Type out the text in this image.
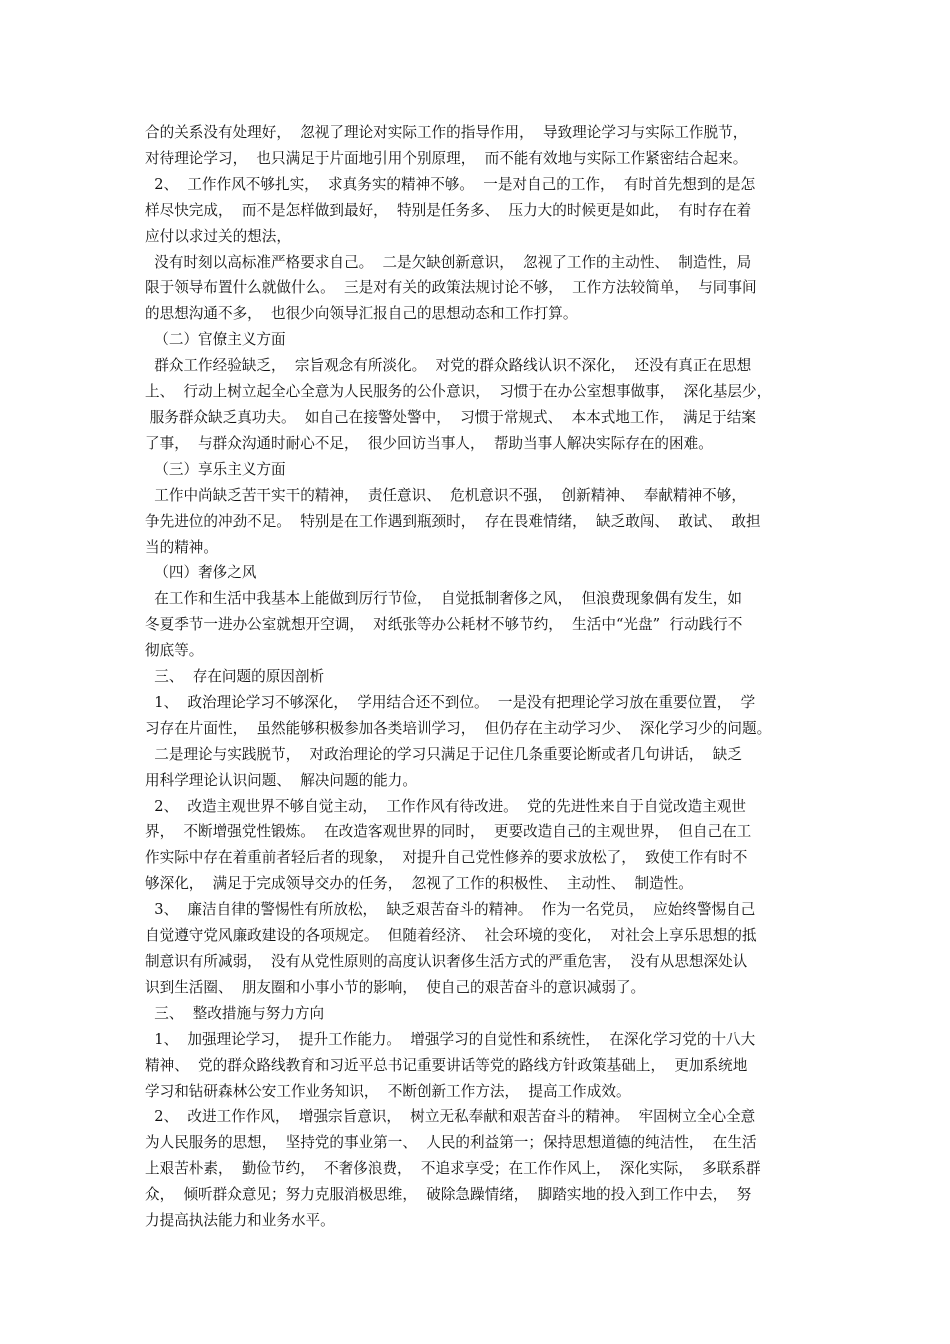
合的关系没有处理好，  忽视了理论对实际工作的指导作用，  导致理论学习与实际工作脱节，

对待理论学习，  也只满足于片面地引用个别原理，  而不能有效地与实际工作紧密结合起来。

2、  工作作风不够扎实，  求真务实的精神不够。  一是对自己的工作，  有时首先想到的是怎

样尽快完成，  而不是怎样做到最好，  特别是任务多、  压力大的时候更是如此，  有时存在着

应付以求过关的想法，

没有时刻以高标准严格要求自己。  二是欠缺创新意识，  忽视了工作的主动性、  制造性，局

限于领导布置什么就做什么。  三是对有关的政策法规讨论不够，  工作方法较简单，  与同事间

的思想沟通不多，  也很少向领导汇报自己的思想动态和工作打算。

（二）官僚主义方面

群众工作经验缺乏，  宗旨观念有所淡化。  对党的群众路线认识不深化，  还没有真正在思想

上、  行动上树立起全心全意为人民服务的公仆意识，  习惯于在办公室想事做事，  深化基层少，

服务群众缺乏真功夫。  如自己在接警处警中，  习惯于常规式、  本本式地工作，  满足于结案

了事，  与群众沟通时耐心不足，  很少回访当事人，  帮助当事人解决实际存在的困难。

（三）享乐主义方面

工作中尚缺乏苦干实干的精神，  责任意识、  危机意识不强，  创新精神、  奉献精神不够，

争先进位的冲劲不足。  特别是在工作遇到瓶颈时，  存在畏难情绪，  缺乏敢闯、  敢试、  敢担

当的精神。

（四）奢侈之风

在工作和生活中我基本上能做到厉行节俭，  自觉抵制奢侈之风，  但浪费现象偶有发生，如

冬夏季节一进办公室就想开空调，  对纸张等办公耗材不够节约，  生活中“光盘”  行动践行不

彻底等。

三、  存在问题的原因剖析

1、  政治理论学习不够深化，  学用结合还不到位。  一是没有把理论学习放在重要位置，  学

习存在片面性，  虽然能够积极参加各类培训学习，  但仍存在主动学习少、  深化学习少的问题。

二是理论与实践脱节，  对政治理论的学习只满足于记住几条重要论断或者几句讲话，  缺乏

用科学理论认识问题、  解决问题的能力。

2、  改造主观世界不够自觉主动，  工作作风有待改进。  党的先进性来自于自觉改造主观世

界，  不断增强党性锻炼。  在改造客观世界的同时，  更要改造自己的主观世界，  但自己在工

作实际中存在着重前者轻后者的现象，  对提升自己党性修养的要求放松了，  致使工作有时不

够深化，  满足于完成领导交办的任务，  忽视了工作的积极性、  主动性、  制造性。

3、  廉洁自律的警惕性有所放松，  缺乏艰苦奋斗的精神。  作为一名党员，  应始终警惕自己

自觉遵守党风廉政建设的各项规定。  但随着经济、  社会环境的变化，  对社会上享乐思想的抵

制意识有所减弱，  没有从党性原则的高度认识奢侈生活方式的严重危害，  没有从思想深处认

识到生活圈、  朋友圈和小事小节的影响，  使自己的艰苦奋斗的意识减弱了。

三、  整改措施与努力方向

1、  加强理论学习，  提升工作能力。  增强学习的自觉性和系统性，  在深化学习党的十八大

精神、  党的群众路线教育和习近平总书记重要讲话等党的路线方针政策基础上，  更加系统地

学习和钻研森林公安工作业务知识，  不断创新工作方法，  提高工作成效。

2、  改进工作作风，  增强宗旨意识，  树立无私奉献和艰苦奋斗的精神。  牢固树立全心全意

为人民服务的思想，  坚持党的事业第一、  人民的利益第一；保持思想道德的纯洁性，  在生活

上艰苦朴素，  勤俭节约，  不奢侈浪费，  不追求享受；在工作作风上，  深化实际，  多联系群

众，  倾听群众意见；努力克服消极思维，  破除急躁情绪，  脚踏实地的投入到工作中去，  努

力提高执法能力和业务水平。
